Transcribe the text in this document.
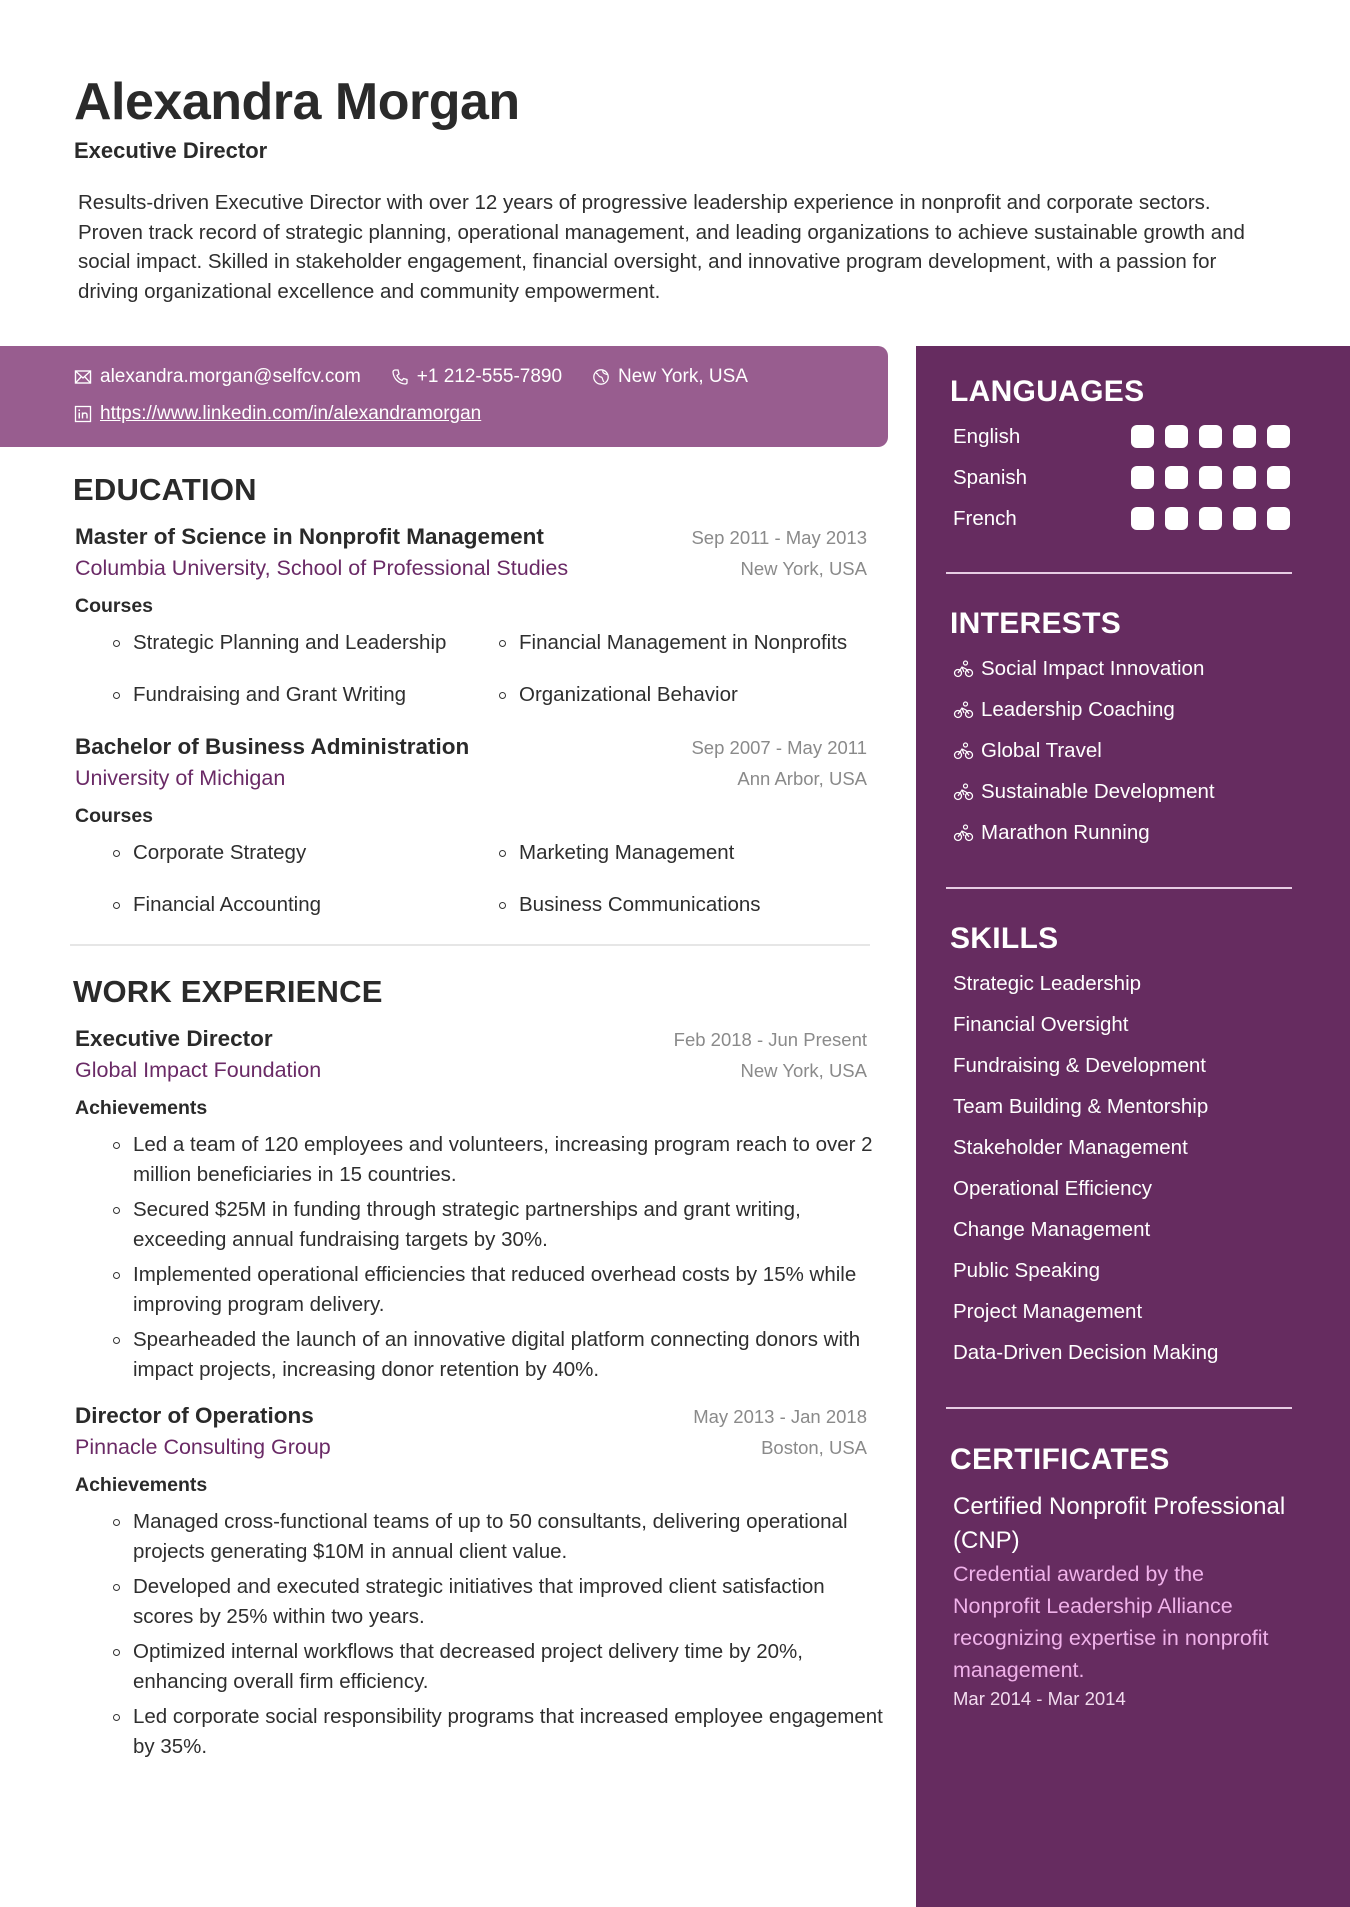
Alexandra Morgan
Executive Director
Results-driven Executive Director with over 12 years of progressive leadership experience in nonprofit and corporate sectors. Proven track record of strategic planning, operational management, and leading organizations to achieve sustainable growth and social impact. Skilled in stakeholder engagement, financial oversight, and innovative program development, with a passion for driving organizational excellence and community empowerment.
alexandra.morgan@selfcv.com	+1 212-555-7890	New York, USA
https://www.linkedin.com/in/alexandramorgan
EDUCATION
Master of Science in Nonprofit Management	Sep 2011 - May 2013
Columbia University, School of Professional Studies	New York, USA
Courses
Strategic Planning and Leadership	Financial Management in Nonprofits
Fundraising and Grant Writing	Organizational Behavior
Bachelor of Business Administration	Sep 2007 - May 2011
University of Michigan	Ann Arbor, USA
Courses
Corporate Strategy	Marketing Management
Financial Accounting	Business Communications
WORK EXPERIENCE
Executive Director	Feb 2018 - Jun Present
Global Impact Foundation	New York, USA
Achievements
Led a team of 120 employees and volunteers, increasing program reach to over 2 million beneficiaries in 15 countries.
Secured $25M in funding through strategic partnerships and grant writing, exceeding annual fundraising targets by 30%.
Implemented operational efficiencies that reduced overhead costs by 15% while improving program delivery.
Spearheaded the launch of an innovative digital platform connecting donors with impact projects, increasing donor retention by 40%.
Director of Operations	May 2013 - Jan 2018
Pinnacle Consulting Group	Boston, USA
Achievements
Managed cross-functional teams of up to 50 consultants, delivering operational projects generating $10M in annual client value.
Developed and executed strategic initiatives that improved client satisfaction scores by 25% within two years.
Optimized internal workflows that decreased project delivery time by 20%, enhancing overall firm efficiency.
Led corporate social responsibility programs that increased employee engagement by 35%.
LANGUAGES
English
Spanish
French
INTERESTS
Social Impact Innovation
Leadership Coaching
Global Travel
Sustainable Development
Marathon Running
SKILLS
Strategic Leadership
Financial Oversight
Fundraising & Development
Team Building & Mentorship
Stakeholder Management
Operational Efficiency
Change Management
Public Speaking
Project Management
Data-Driven Decision Making
CERTIFICATES
Certified Nonprofit Professional (CNP)
Credential awarded by the Nonprofit Leadership Alliance recognizing expertise in nonprofit management.
Mar 2014 - Mar 2014
